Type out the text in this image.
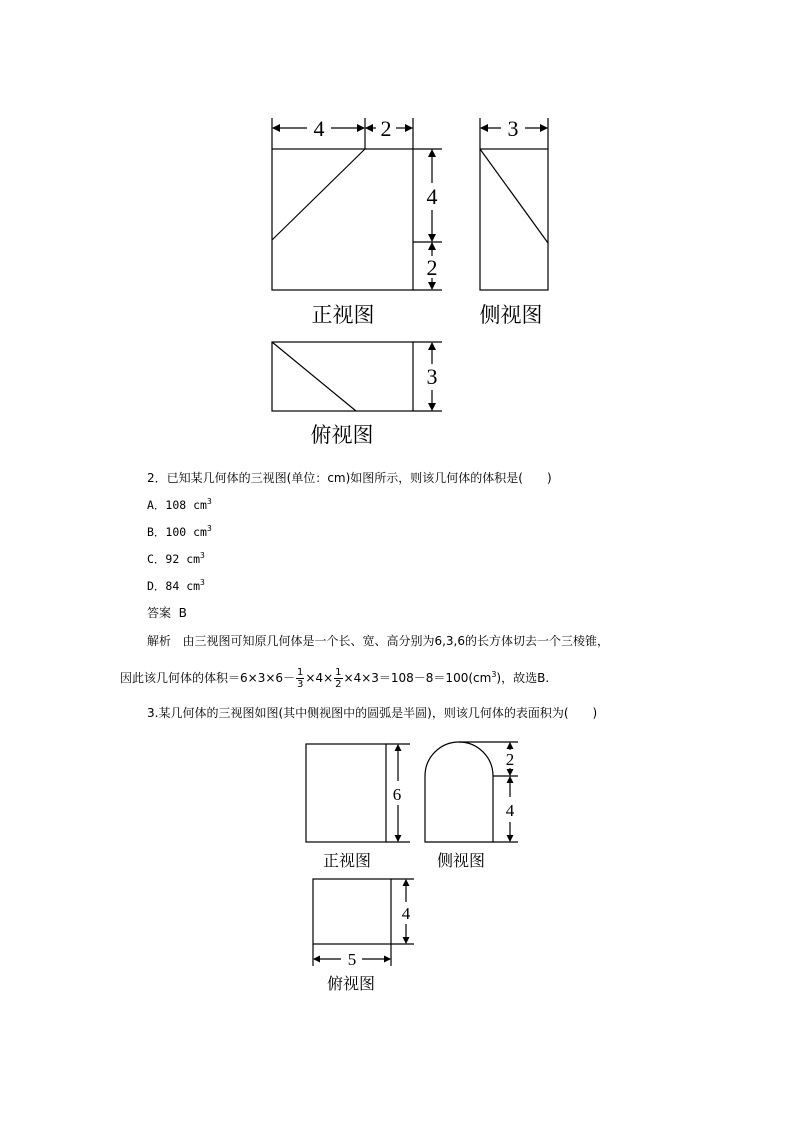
4	2
4
2
正视图
3
侧视图
3
俯视图
2．已知某几何体的三视图(单位：cm)如图所示，则该几何体的体积是(　　)
A．108 $cm^3$
B．100 $cm^3$
C．92 $cm^3$
D．84 $cm^3$
答案 B
解析 由三视图可知原几何体是一个长、宽、高分别为6,3,6的长方体切去一个三棱锥，
因此该几何体的体积$=6\times 3\times 6- \frac{1}{3} \times 4\times \frac{1}{2} \times 4\times 3=108-8=100(cm^3)$，故选B.
3.某几何体的三视图如图(其中侧视图中的圆弧是半圆)，则该几何体的表面积为(　　)
6
正视图
2
4
侧视图
4
5
俯视图
